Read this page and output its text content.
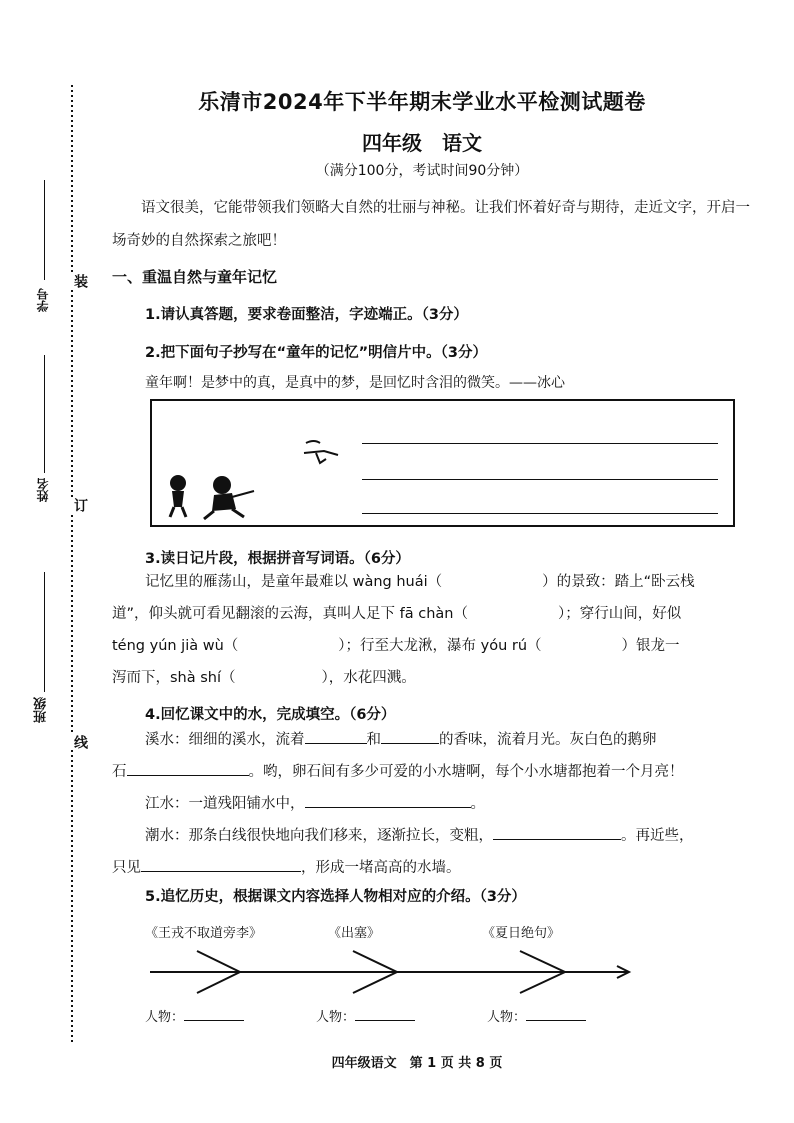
装
订
线
学号
姓名
班级
乐清市2024年下半年期末学业水平检测试题卷
四年级　语文
（满分100分，考试时间90分钟）
语文很美，它能带领我们领略大自然的壮丽与神秘。让我们怀着好奇与期待，走近文字，开启一场奇妙的自然探索之旅吧！
一、重温自然与童年记忆
1.请认真答题，要求卷面整洁，字迹端正。（3分）
2.把下面句子抄写在“童年的记忆”明信片中。（3分）
童年啊！是梦中的真，是真中的梦，是回忆时含泪的微笑。——冰心
3.读日记片段，根据拼音写词语。（6分）
记忆里的雁荡山，是童年最难以 wàng huái（	）的景致：踏上“卧云栈
道”，仰头就可看见翻滚的云海，真叫人足下 fā chàn（	）；穿行山间，好似
téng yún jià wù（	）；行至大龙湫，瀑布 yóu rú（	）银龙一
泻而下，shà shí（	），水花四溅。
4.回忆课文中的水，完成填空。（6分）
溪水：细细的溪水，流着	和	的香味，流着月光。灰白色的鹅卵
石	。哟，卵石间有多少可爱的小水塘啊，每个小水塘都抱着一个月亮！
江水：一道残阳铺水中，	。
潮水：那条白线很快地向我们移来，逐渐拉长，变粗，	。再近些，
只见	，形成一堵高高的水墙。
5.追忆历史，根据课文内容选择人物相对应的介绍。（3分）
《王戎不取道旁李》	《出塞》	《夏日绝句》
人物：	人物：	人物：
四年级语文　第 1 页 共 8 页
